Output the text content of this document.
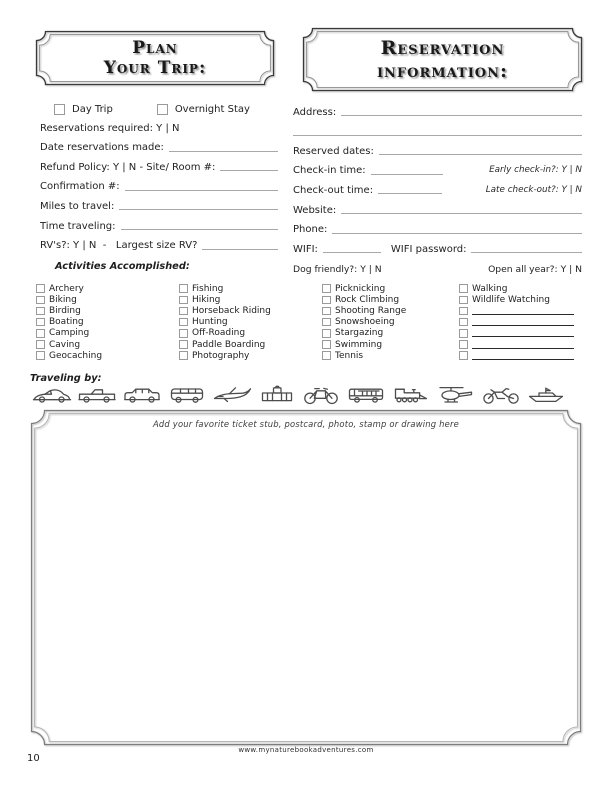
Plan
Your Trip:
Reservation
information:
Day Trip	Overnight Stay
Reservations required: Y | N
Date reservations made:
Refund Policy: Y | N - Site/ Room #:
Confirmation #:
Miles to travel:
Time traveling:
RV's?: Y | N  -   Largest size RV?
Address:
Reserved dates:
Check-in time:	Early check-in?: Y | N
Check-out time:	Late check-out?: Y | N
Website:
Phone:
WIFI:	WIFI password:
Dog friendly?: Y | N	Open all year?: Y | N
Activities Accomplished:
Archery
Biking
Birding
Boating
Camping
Caving
Geocaching
Fishing
Hiking
Horseback Riding
Hunting
Off-Roading
Paddle Boarding
Photography
Picknicking
Rock Climbing
Shooting Range
Snowshoeing
Stargazing
Swimming
Tennis
Walking
Wildlife Watching
Traveling by:
Add your favorite ticket stub, postcard, photo, stamp or drawing here
www.mynaturebookadventures.com
10
